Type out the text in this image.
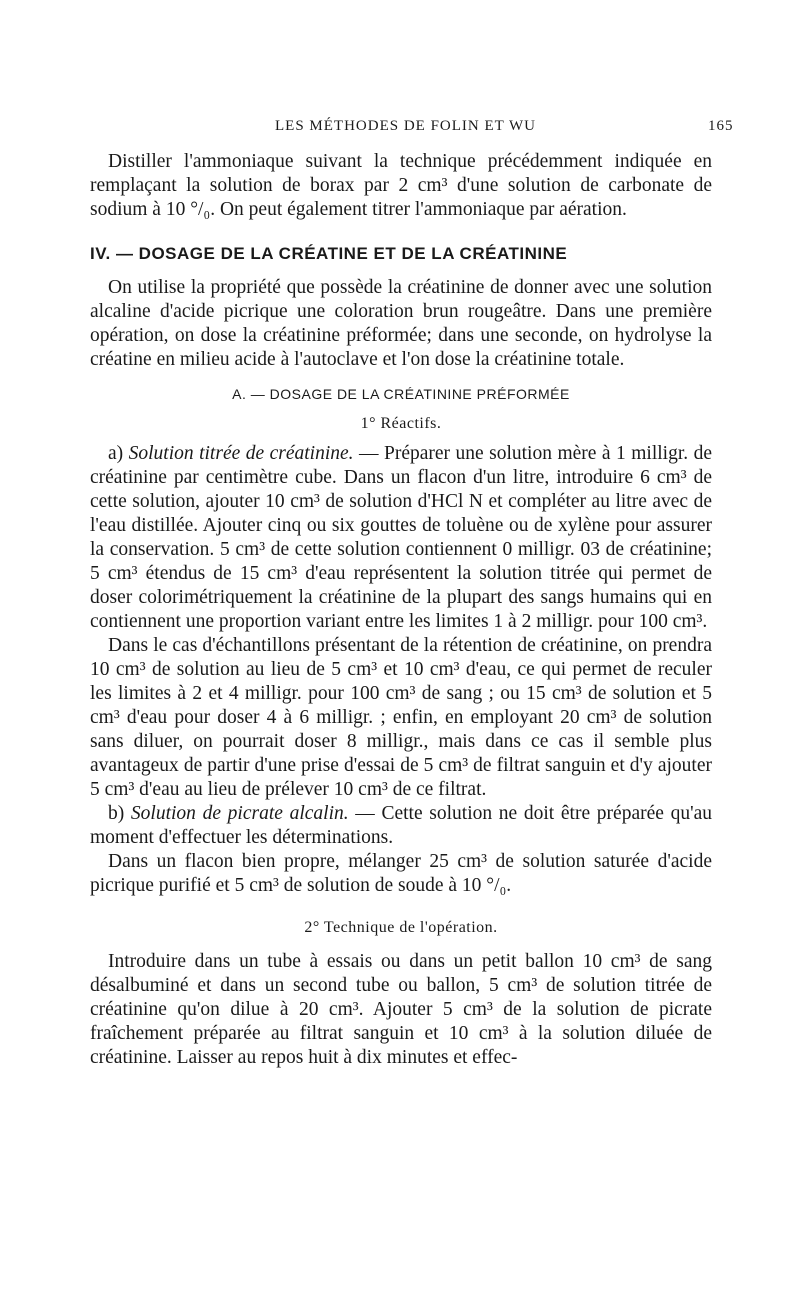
LES MÉTHODES DE FOLIN ET WU	165

Distiller l'ammoniaque suivant la technique précédemment indiquée en remplaçant la solution de borax par 2 cm³ d'une solution de carbonate de sodium à 10 °/₀. On peut également titrer l'ammoniaque par aération.

IV. — DOSAGE DE LA CRÉATINE ET DE LA CRÉATININE

On utilise la propriété que possède la créatinine de donner avec une solution alcaline d'acide picrique une coloration brun rougeâtre. Dans une première opération, on dose la créatinine préformée; dans une seconde, on hydrolyse la créatine en milieu acide à l'autoclave et l'on dose la créatinine totale.

A. — DOSAGE DE LA CRÉATININE PRÉFORMÉE
1° Réactifs.

a) Solution titrée de créatinine. — Préparer une solution mère à 1 milligr. de créatinine par centimètre cube. Dans un flacon d'un litre, introduire 6 cm³ de cette solution, ajouter 10 cm³ de solution d'HCl N et compléter au litre avec de l'eau distillée. Ajouter cinq ou six gouttes de toluène ou de xylène pour assurer la conservation. 5 cm³ de cette solution contiennent 0 milligr. 03 de créatinine; 5 cm³ étendus de 15 cm³ d'eau représentent la solution titrée qui permet de doser colorimétriquement la créatinine de la plupart des sangs humains qui en contiennent une proportion variant entre les limites 1 à 2 milligr. pour 100 cm³.

Dans le cas d'échantillons présentant de la rétention de créatinine, on prendra 10 cm³ de solution au lieu de 5 cm³ et 10 cm³ d'eau, ce qui permet de reculer les limites à 2 et 4 milligr. pour 100 cm³ de sang ; ou 15 cm³ de solution et 5 cm³ d'eau pour doser 4 à 6 milligr. ; enfin, en employant 20 cm³ de solution sans diluer, on pourrait doser 8 milligr., mais dans ce cas il semble plus avantageux de partir d'une prise d'essai de 5 cm³ de filtrat sanguin et d'y ajouter 5 cm³ d'eau au lieu de prélever 10 cm³ de ce filtrat.

b) Solution de picrate alcalin. — Cette solution ne doit être préparée qu'au moment d'effectuer les déterminations.

Dans un flacon bien propre, mélanger 25 cm³ de solution saturée d'acide picrique purifié et 5 cm³ de solution de soude à 10 °/₀.

2° Technique de l'opération.

Introduire dans un tube à essais ou dans un petit ballon 10 cm³ de sang désalbuminé et dans un second tube ou ballon, 5 cm³ de solution titrée de créatinine qu'on dilue à 20 cm³. Ajouter 5 cm³ de la solution de picrate fraîchement préparée au filtrat sanguin et 10 cm³ à la solution diluée de créatinine. Laisser au repos huit à dix minutes et effec-
